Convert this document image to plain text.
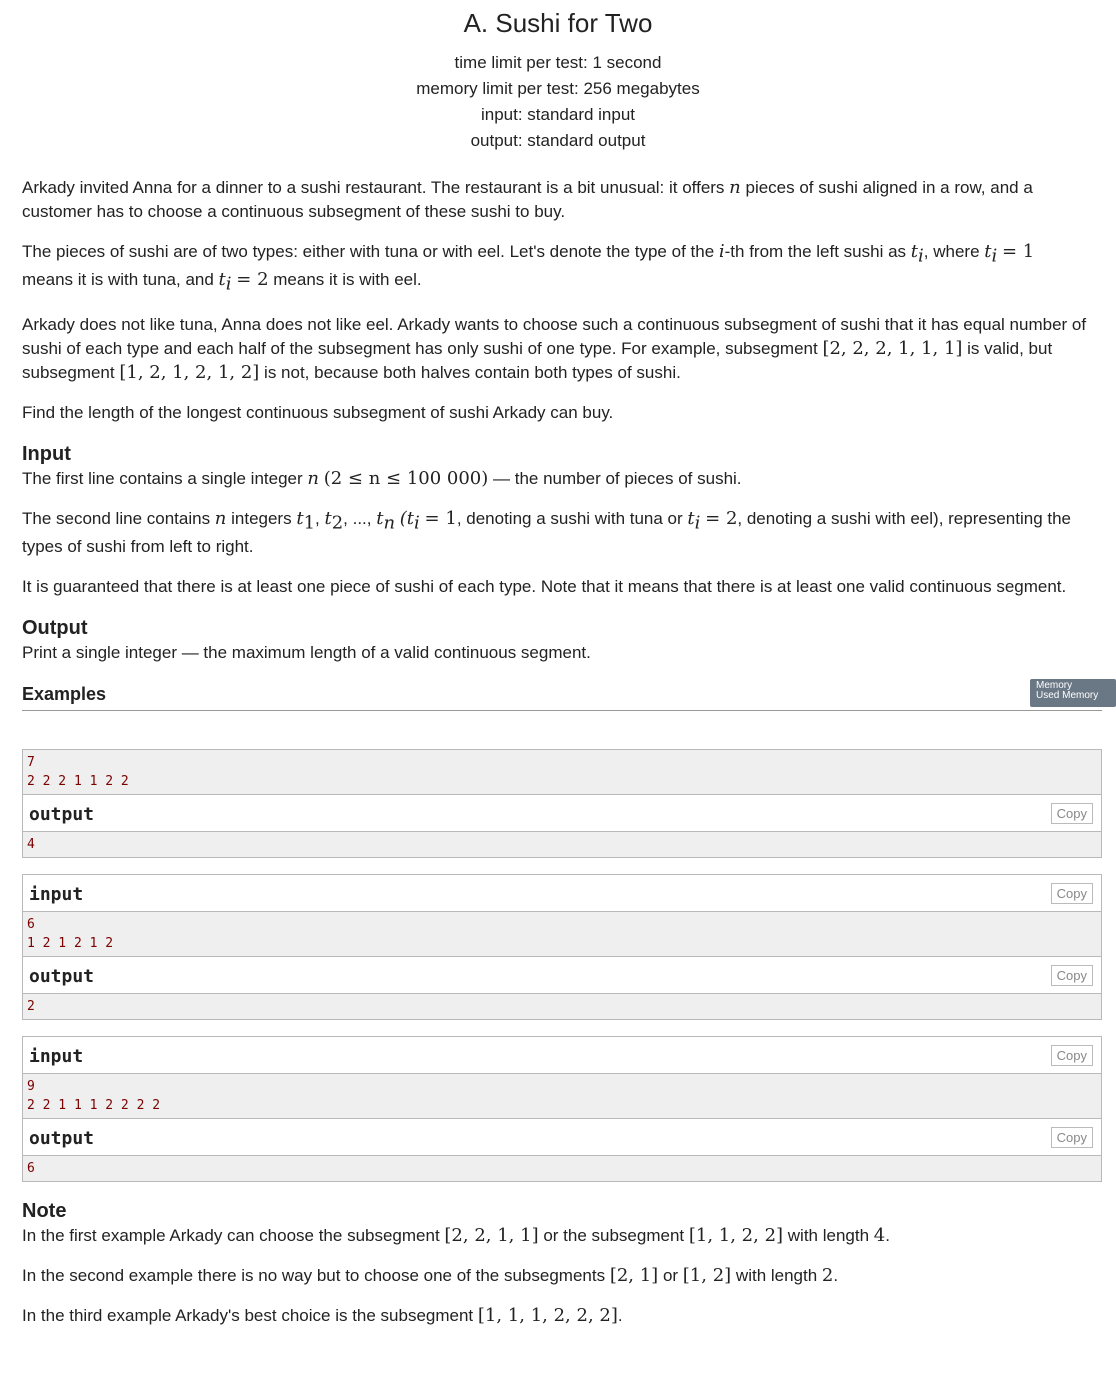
A. Sushi for Two
time limit per test: 1 second
memory limit per test: 256 megabytes
input: standard input
output: standard output
Memory
Used Memory

Arkady invited Anna for a dinner to a sushi restaurant. The restaurant is a bit unusual: it offers n pieces of sushi aligned in a row, and a customer has to choose a continuous subsegment of these sushi to buy.

The pieces of sushi are of two types: either with tuna or with eel. Let's denote the type of the i-th from the left sushi as $t_i$, where $t_i = 1$
means it is with tuna, and $t_i = 2$ means it is with eel.

Arkady does not like tuna, Anna does not like eel. Arkady wants to choose such a continuous subsegment of sushi that it has equal number of sushi of each type and each half of the subsegment has only sushi of one type. For example, subsegment [2, 2, 2, 1, 1, 1] is valid, but subsegment [1, 2, 1, 2, 1, 2] is not, because both halves contain both types of sushi.

Find the length of the longest continuous subsegment of sushi Arkady can buy.

Input

The first line contains a single integer n (2 ≤ n ≤ 100 000) — the number of pieces of sushi.

The second line contains n integers $t_1$, $t_2$, ..., $t_n$ ($t_i = 1$, denoting a sushi with tuna or $t_i = 2$, denoting a sushi with eel), representing the types of sushi from left to right.

It is guaranteed that there is at least one piece of sushi of each type. Note that it means that there is at least one valid continuous segment.

Output

Print a single integer — the maximum length of a valid continuous segment.

Examples
7
2 2 2 1 1 2 2
output	Copy
4
input	Copy
6
1 2 1 2 1 2
output	Copy
2
input	Copy
9
2 2 1 1 1 2 2 2 2
output	Copy
6
Note

In the first example Arkady can choose the subsegment [2, 2, 1, 1] or the subsegment [1, 1, 2, 2] with length 4.

In the second example there is no way but to choose one of the subsegments [2, 1] or [1, 2] with length 2.

In the third example Arkady's best choice is the subsegment [1, 1, 1, 2, 2, 2].
